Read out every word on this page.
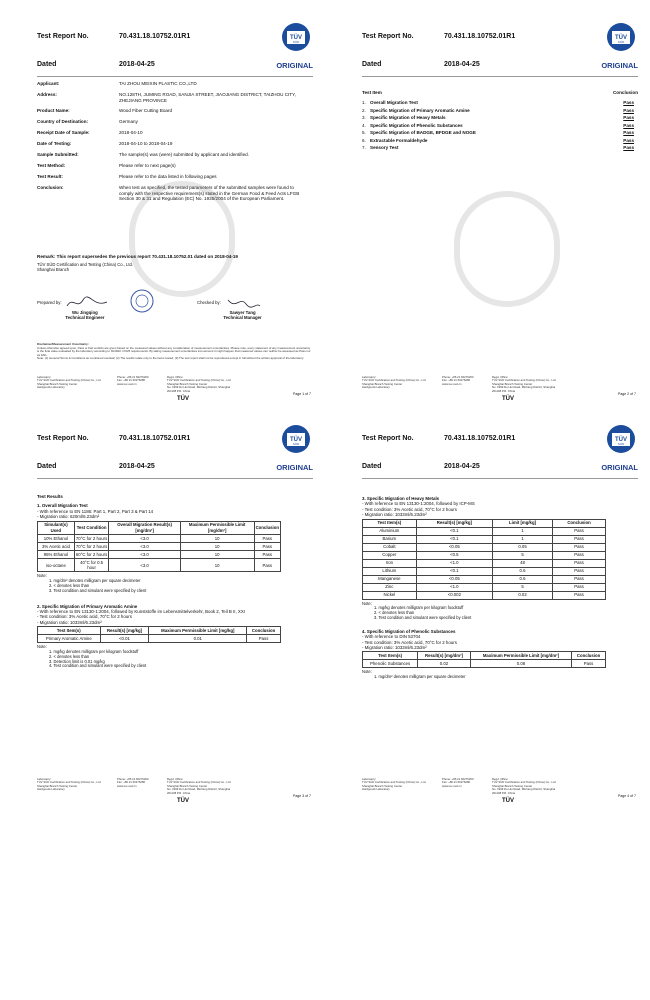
Test Report No.	70.431.18.10752.01R1
Dated	2018-04-25	ORIGINAL
TÜV
SÜD
Applicant:	TAI ZHOU MEIXIN PLASTIC CO.,LTD
Address:	NO.128TH, JUMING ROAD, SANJIA STREET, JIAOJIANG DISTRICT, TAIZHOU CITY, ZHEJIANG PROVINCE
Product Name:	Wood Fiber Cutting Board
Country of Destination:	Germany
Receipt Date of Sample:	2018-04-10
Date of Testing:	2018-04-10 to 2018-04-19
Sample Submitted:	The sample(s) was (were) submitted by applicant and identified.
Test Method:	Please refer to next page(s)
Test Result:	Please refer to the data listed in following pages
Conclusion:	When test as specified, the tested parameters of the submitted samples were found to comply with the respective requirement(s) stated in the German Food & Feed Acts LFGB Section 30 & 31 and Regulation (EC) No. 1935/2004 of the European Parliament.
Remark: This report supersedes the previous report 70.431.18.10752.01 dated on 2018-04-19
TÜV SÜD Certification and Testing (China) Co., Ltd.
Shanghai Branch
Prepared by:
Wu Jingqing
Technical Engineer
Checked by:
Sawyer Tang
Technical Manager
Disclaimer/Measurement Uncertainty:
Unless otherwise agreed upon, Pass or Fail verdicts are given based on the measured values without any consideration of measurement uncertainties. Please note, every statement of any measurement uncertainty is the final value evaluated by the laboratory according to ISO/IEC 17025 requirements. By taking measurement uncertainties into account it might happen that measured values can neither be assessed as Pass nor as FAIL.
Note: (1) General Terms & Conditions as mentioned overleaf; (2) The results relate only to the items tested; (3) The test report shall not be reproduced except in full without the written approval of the laboratory.
Laboratory:
TÜV SÜD Certification and Testing (China) Co., Ltd.
Shanghai Branch Testing Center
Hardgoods Laboratory
Phone: +86 21 60276200
Fax: +86 21 60276280
www.tuv-sud.cn
Regd. Office:
TÜV SÜD Certification and Testing (China) Co., Ltd.
Shanghai Branch Testing Center
No. 1999 Du Hui Road, Minhang District, Shanghai
201108 P.R. China
TÜV
Page 1 of 7
Test Report No.	70.431.18.10752.01R1
Dated	2018-04-25	ORIGINAL
TÜV
SÜD
Test Item	Conclusion
1. Overall Migration Test	Pass
2. Specific Migration of Primary Aromatic Amine	Pass
3. Specific Migration of Heavy Metals	Pass
4. Specific Migration of Phenolic Substances	Pass
5. Specific Migration of BADGE, BFDGE and NOGE	Pass
6. Extractable Formaldehyde	Pass
7. Sensory Test	Pass
Laboratory:
TÜV SÜD Certification and Testing (China) Co., Ltd.
Shanghai Branch Testing Center
Hardgoods Laboratory
Phone: +86 21 60276200
Fax: +86 21 60276280
www.tuv-sud.cn
Regd. Office:
TÜV SÜD Certification and Testing (China) Co., Ltd.
Shanghai Branch Testing Center
No. 1999 Du Hui Road, Minhang District, Shanghai
201108 P.R. China
TÜV
Page 2 of 7
Test Report No.	70.431.18.10752.01R1
Dated	2018-04-25	ORIGINAL
TÜV
SÜD
Test Results
1. Overall Migration Test
- With reference to EN 1186: Part 1, Part 2, Part 3 & Part 14
- Migration ratio: 620ml/6.23dm²
Simulant(s) Used	Test Condition	Overall Migration Result(s) [mg/dm²]	Maximum Permissible Limit [mg/dm²]	Conclusion
10% Ethanol	70°C for 2 hours	<3.0	10	Pass
3% Acetic acid	70°C for 2 hours	<3.0	10	Pass
95% Ethanol	60°C for 2 hours	<3.0	10	Pass
iso-octane	40°C for 0.5 hour	<3.0	10	Pass
Note:
1. mg/dm² denotes milligram per square decimeter
2. < denotes less than
3. Test condition and simulant were specified by client
2. Specific Migration of Primary Aromatic Amine
- With reference to EN 13130-1:2004, followed by Kunststoffe im Lebensmittelverkehr, Book 2, Teil B II, XXI
- Test condition: 3% Acetic acid, 70°C for 2 hours
- Migration ratio: 1033ml/6.23dm²
Test Item(s)	Result(s) [mg/kg]	Maximum Permissible Limit [mg/kg]	Conclusion
Primary Aromatic Amine	<0.01	0.01	Pass
Note:
1. mg/kg denotes milligram per kilogram foodstuff
2. < denotes less than
3. Detection limit is 0.01 mg/kg
4. Test condition and simulant were specified by client
Laboratory:
TÜV SÜD Certification and Testing (China) Co., Ltd.
Shanghai Branch Testing Center
Hardgoods Laboratory
Phone: +86 21 60276200
Fax: +86 21 60276280
www.tuv-sud.cn
Regd. Office:
TÜV SÜD Certification and Testing (China) Co., Ltd.
Shanghai Branch Testing Center
No. 1999 Du Hui Road, Minhang District, Shanghai
201108 P.R. China
TÜV
Page 3 of 7
Test Report No.	70.431.18.10752.01R1
Dated	2018-04-25	ORIGINAL
TÜV
SÜD
3. Specific Migration of Heavy Metals
- With reference to EN 13130-1:2004, followed by ICP-MS
- Test condition: 3% Acetic acid, 70°C for 2 hours
- Migration ratio: 1033ml/6.23dm²
Test Item(s)	Result(s) [mg/kg]	Limit [mg/kg]	Conclusion
Aluminium	<0.1	1	Pass
Barium	<0.1	1	Pass
Cobalt	<0.05	0.05	Pass
Copper	<0.5	5	Pass
Iron	<1.0	48	Pass
Lithium	<0.1	0.6	Pass
Manganese	<0.05	0.6	Pass
Zinc	<1.0	5	Pass
Nickel	<0.002	0.02	Pass
Note:
1. mg/kg denotes milligram per kilogram foodstuff
2. < denotes less than
3. Test condition and simulant were specified by client
4. Specific Migration of Phenolic Substances
- With reference to DIN 53704
- Test condition: 3% Acetic acid, 70°C for 2 hours
- Migration ratio: 1033ml/6.23dm²
Test Item(s)	Result(s) [mg/dm²]	Maximum Permissible Limit [mg/dm²]	Conclusion
Phenolic Substances	0.02	0.08	Pass
Note:
1. mg/dm² denotes milligram per square decimeter
Laboratory:
TÜV SÜD Certification and Testing (China) Co., Ltd.
Shanghai Branch Testing Center
Hardgoods Laboratory
Phone: +86 21 60276200
Fax: +86 21 60276280
www.tuv-sud.cn
Regd. Office:
TÜV SÜD Certification and Testing (China) Co., Ltd.
Shanghai Branch Testing Center
No. 1999 Du Hui Road, Minhang District, Shanghai
201108 P.R. China
TÜV
Page 4 of 7
